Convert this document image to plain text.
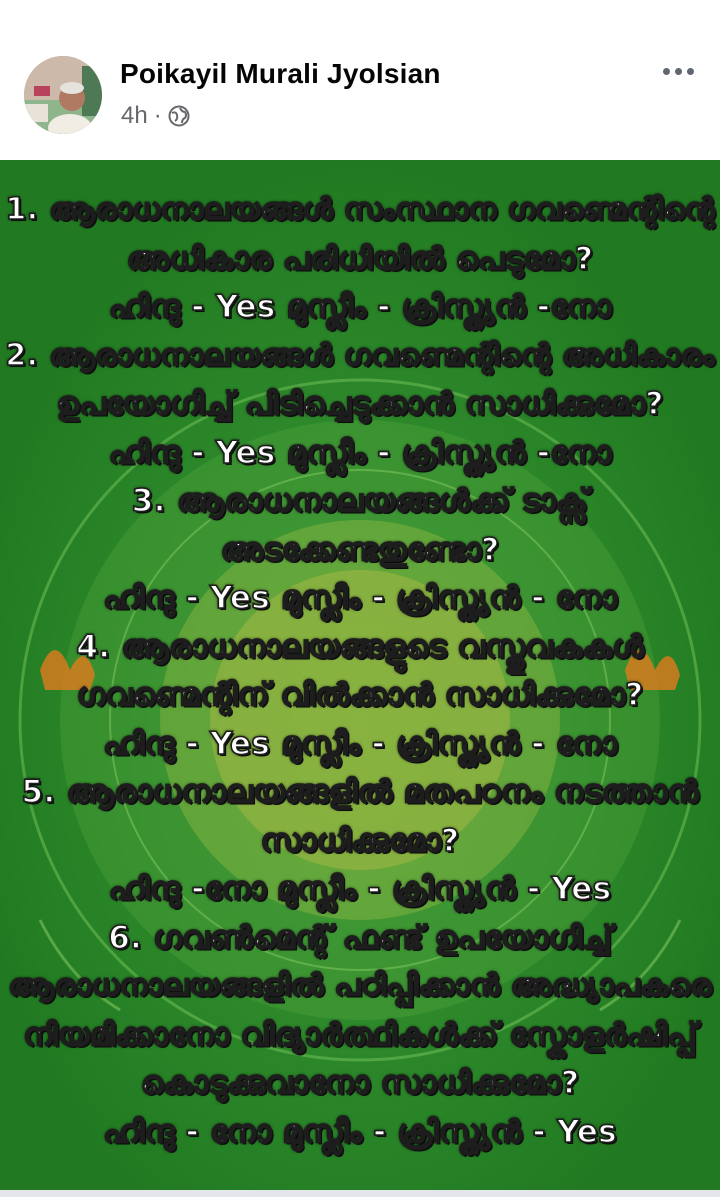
Poikayil Murali Jyolsian
4h ·
1. ആരാധനാലയങ്ങൾ സംസ്ഥാന ഗവണ്മെന്റിന്റെ
അധികാര പരിധിയിൽ പെടുമോ?
ഹിന്ദു - Yes മുസ്ലീം - ക്രിസ്ത്യൻ -നോ
2. ആരാധനാലയങ്ങൾ ഗവണ്മെന്റിന്റെ അധികാരം
ഉപയോഗിച്ച് പിടിച്ചെടുക്കാൻ സാധിക്കുമോ?
ഹിന്ദു - Yes മുസ്ലീം - ക്രിസ്ത്യൻ -നോ
3. ആരാധനാലയങ്ങൾക്ക് ടാക്സ്
അടക്കേണ്ടതുണ്ടോ?
ഹിന്ദു - Yes മുസ്ലീം - ക്രിസ്ത്യൻ - നോ
4. ആരാധനാലയങ്ങളുടെ വസ്തുവകകൾ
ഗവണ്മെന്റിന് വിൽക്കാൻ സാധിക്കുമോ?
ഹിന്ദു - Yes മുസ്ലീം - ക്രിസ്ത്യൻ - നോ
5. ആരാധനാലയങ്ങളിൽ മതപഠനം നടത്താൻ
സാധിക്കുമോ?
ഹിന്ദു -നോ മുസ്ലീം - ക്രിസ്ത്യൻ - Yes
6. ഗവൺമെന്റ് ഫണ്ട് ഉപയോഗിച്ച്
ആരാധനാലയങ്ങളിൽ പഠിപ്പിക്കാൻ അദ്ധ്യാപകരെ
നിയമിക്കാനോ വിദ്യാർത്ഥികൾക്ക് സ്കോളർഷിപ്പ്
കൊടുക്കുവാനോ സാധിക്കുമോ?
ഹിന്ദു - നോ മുസ്ലീം - ക്രിസ്ത്യൻ - Yes
